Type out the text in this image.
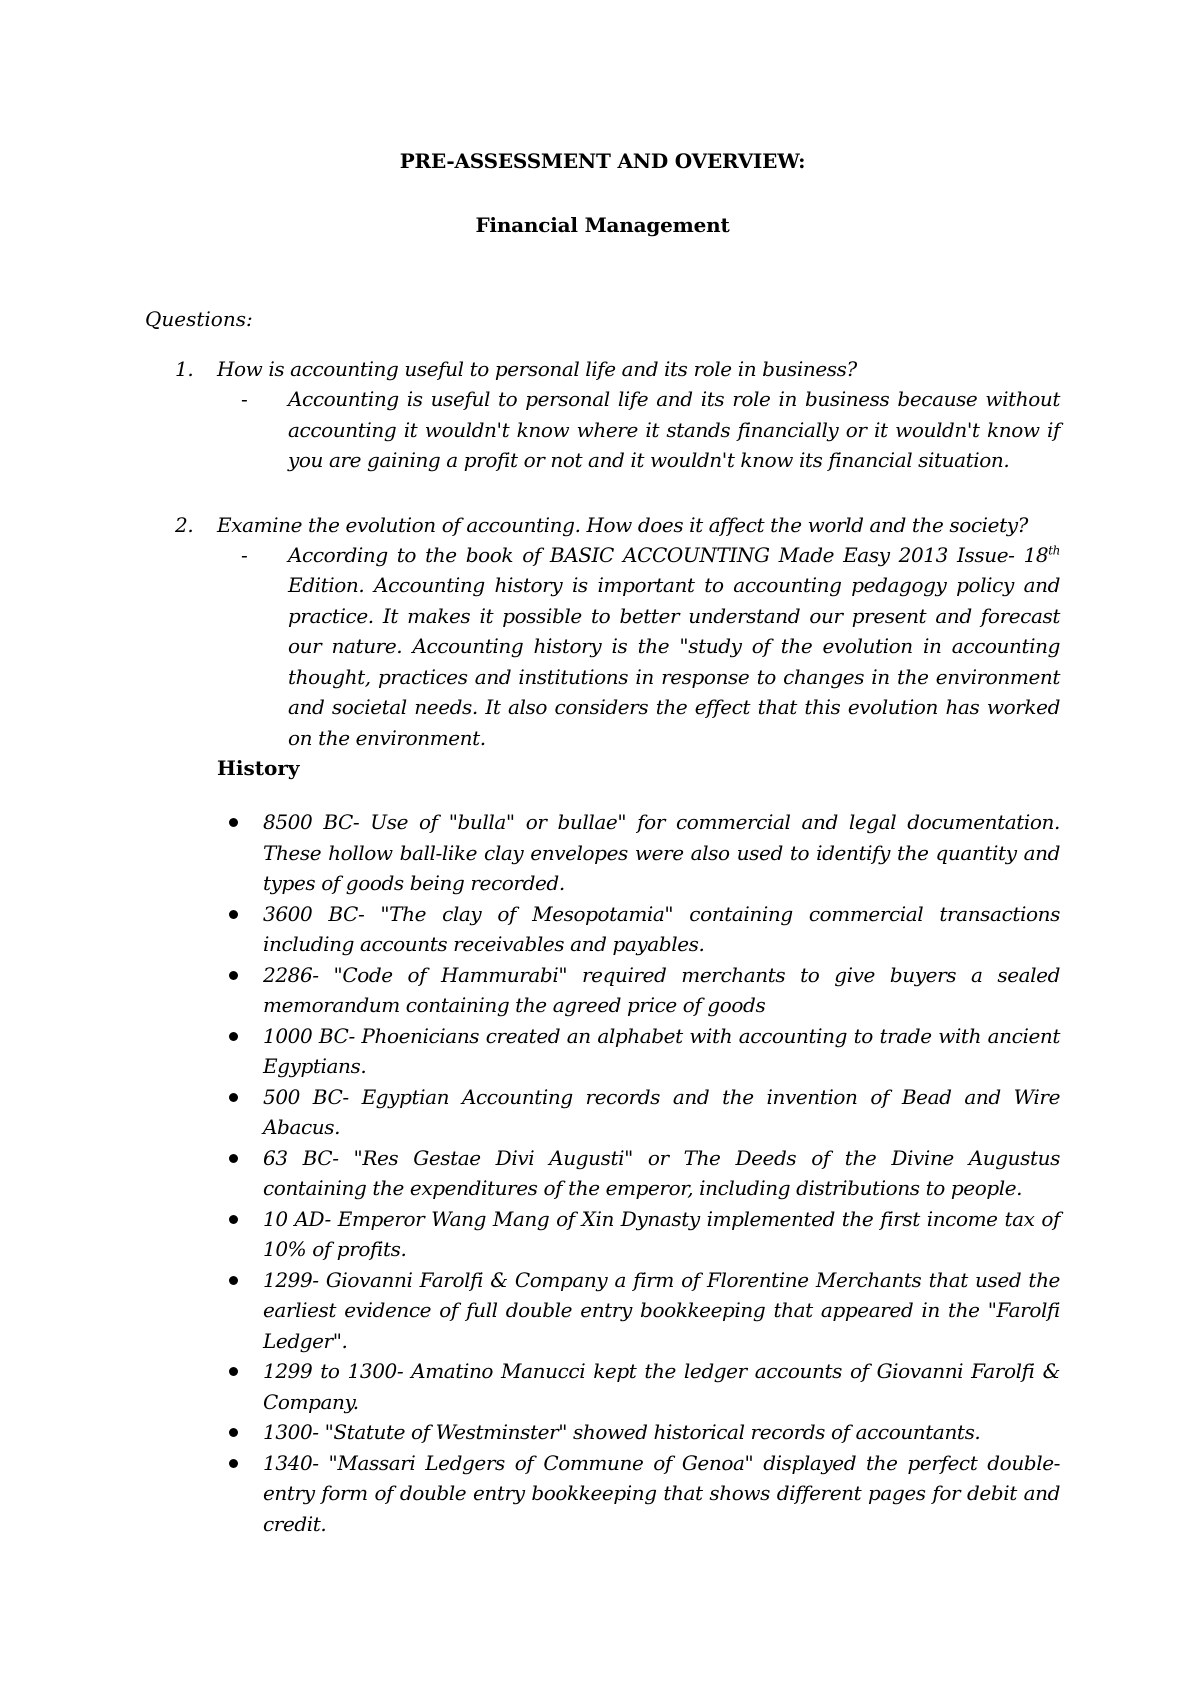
PRE-ASSESSMENT AND OVERVIEW:
Financial Management
Questions:
1. How is accounting useful to personal life and its role in business?
- Accounting is useful to personal life and its role in business because without accounting it wouldn't know where it stands financially or it wouldn't know if you are gaining a profit or not and it wouldn't know its financial situation.
2. Examine the evolution of accounting. How does it affect the world and the society?
- According to the book of BASIC ACCOUNTING Made Easy 2013 Issue- 18th Edition. Accounting history is important to accounting pedagogy policy and practice. It makes it possible to better understand our present and forecast our nature. Accounting history is the "study of the evolution in accounting thought, practices and institutions in response to changes in the environment and societal needs. It also considers the effect that this evolution has worked on the environment.
History
8500 BC- Use of "bulla" or bullae" for commercial and legal documentation. These hollow ball-like clay envelopes were also used to identify the quantity and types of goods being recorded.
3600 BC- "The clay of Mesopotamia" containing commercial transactions including accounts receivables and payables.
2286- "Code of Hammurabi" required merchants to give buyers a sealed memorandum containing the agreed price of goods
1000 BC- Phoenicians created an alphabet with accounting to trade with ancient Egyptians.
500 BC- Egyptian Accounting records and the invention of Bead and Wire Abacus.
63 BC- "Res Gestae Divi Augusti" or The Deeds of the Divine Augustus containing the expenditures of the emperor, including distributions to people.
10 AD- Emperor Wang Mang of Xin Dynasty implemented the first income tax of 10% of profits.
1299- Giovanni Farolfi & Company a firm of Florentine Merchants that used the earliest evidence of full double entry bookkeeping that appeared in the "Farolfi Ledger".
1299 to 1300- Amatino Manucci kept the ledger accounts of Giovanni Farolfi & Company.
1300- "Statute of Westminster" showed historical records of accountants.
1340- "Massari Ledgers of Commune of Genoa" displayed the perfect double-entry form of double entry bookkeeping that shows different pages for debit and credit.
